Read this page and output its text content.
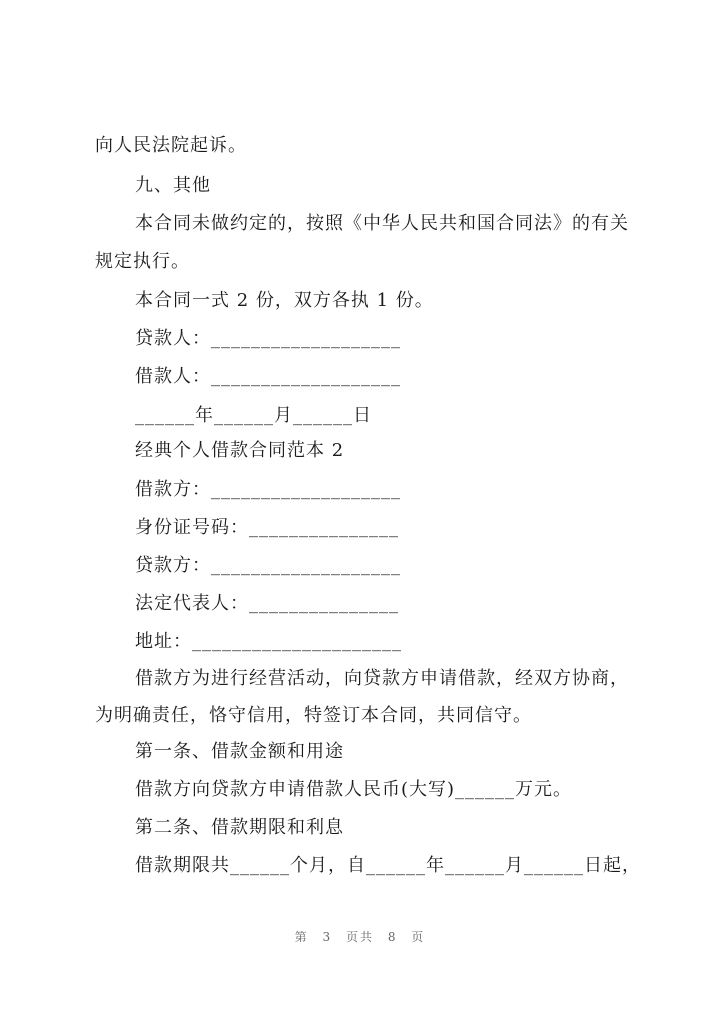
向人民法院起诉。
九、其他
本合同未做约定的，按照《中华人民共和国合同法》的有关
规定执行。
本合同一式 2 份，双方各执 1 份。
贷款人：___________________
借款人：___________________
______年______月______日
经典个人借款合同范本 2
借款方：___________________
身份证号码：_______________
贷款方：___________________
法定代表人：_______________
地址：_____________________
借款方为进行经营活动，向贷款方申请借款，经双方协商，
为明确责任，恪守信用，特签订本合同，共同信守。
第一条、借款金额和用途
借款方向贷款方申请借款人民币(大写)______万元。
第二条、借款期限和利息
借款期限共______个月，自______年______月______日起，
第 3 页共 8 页
